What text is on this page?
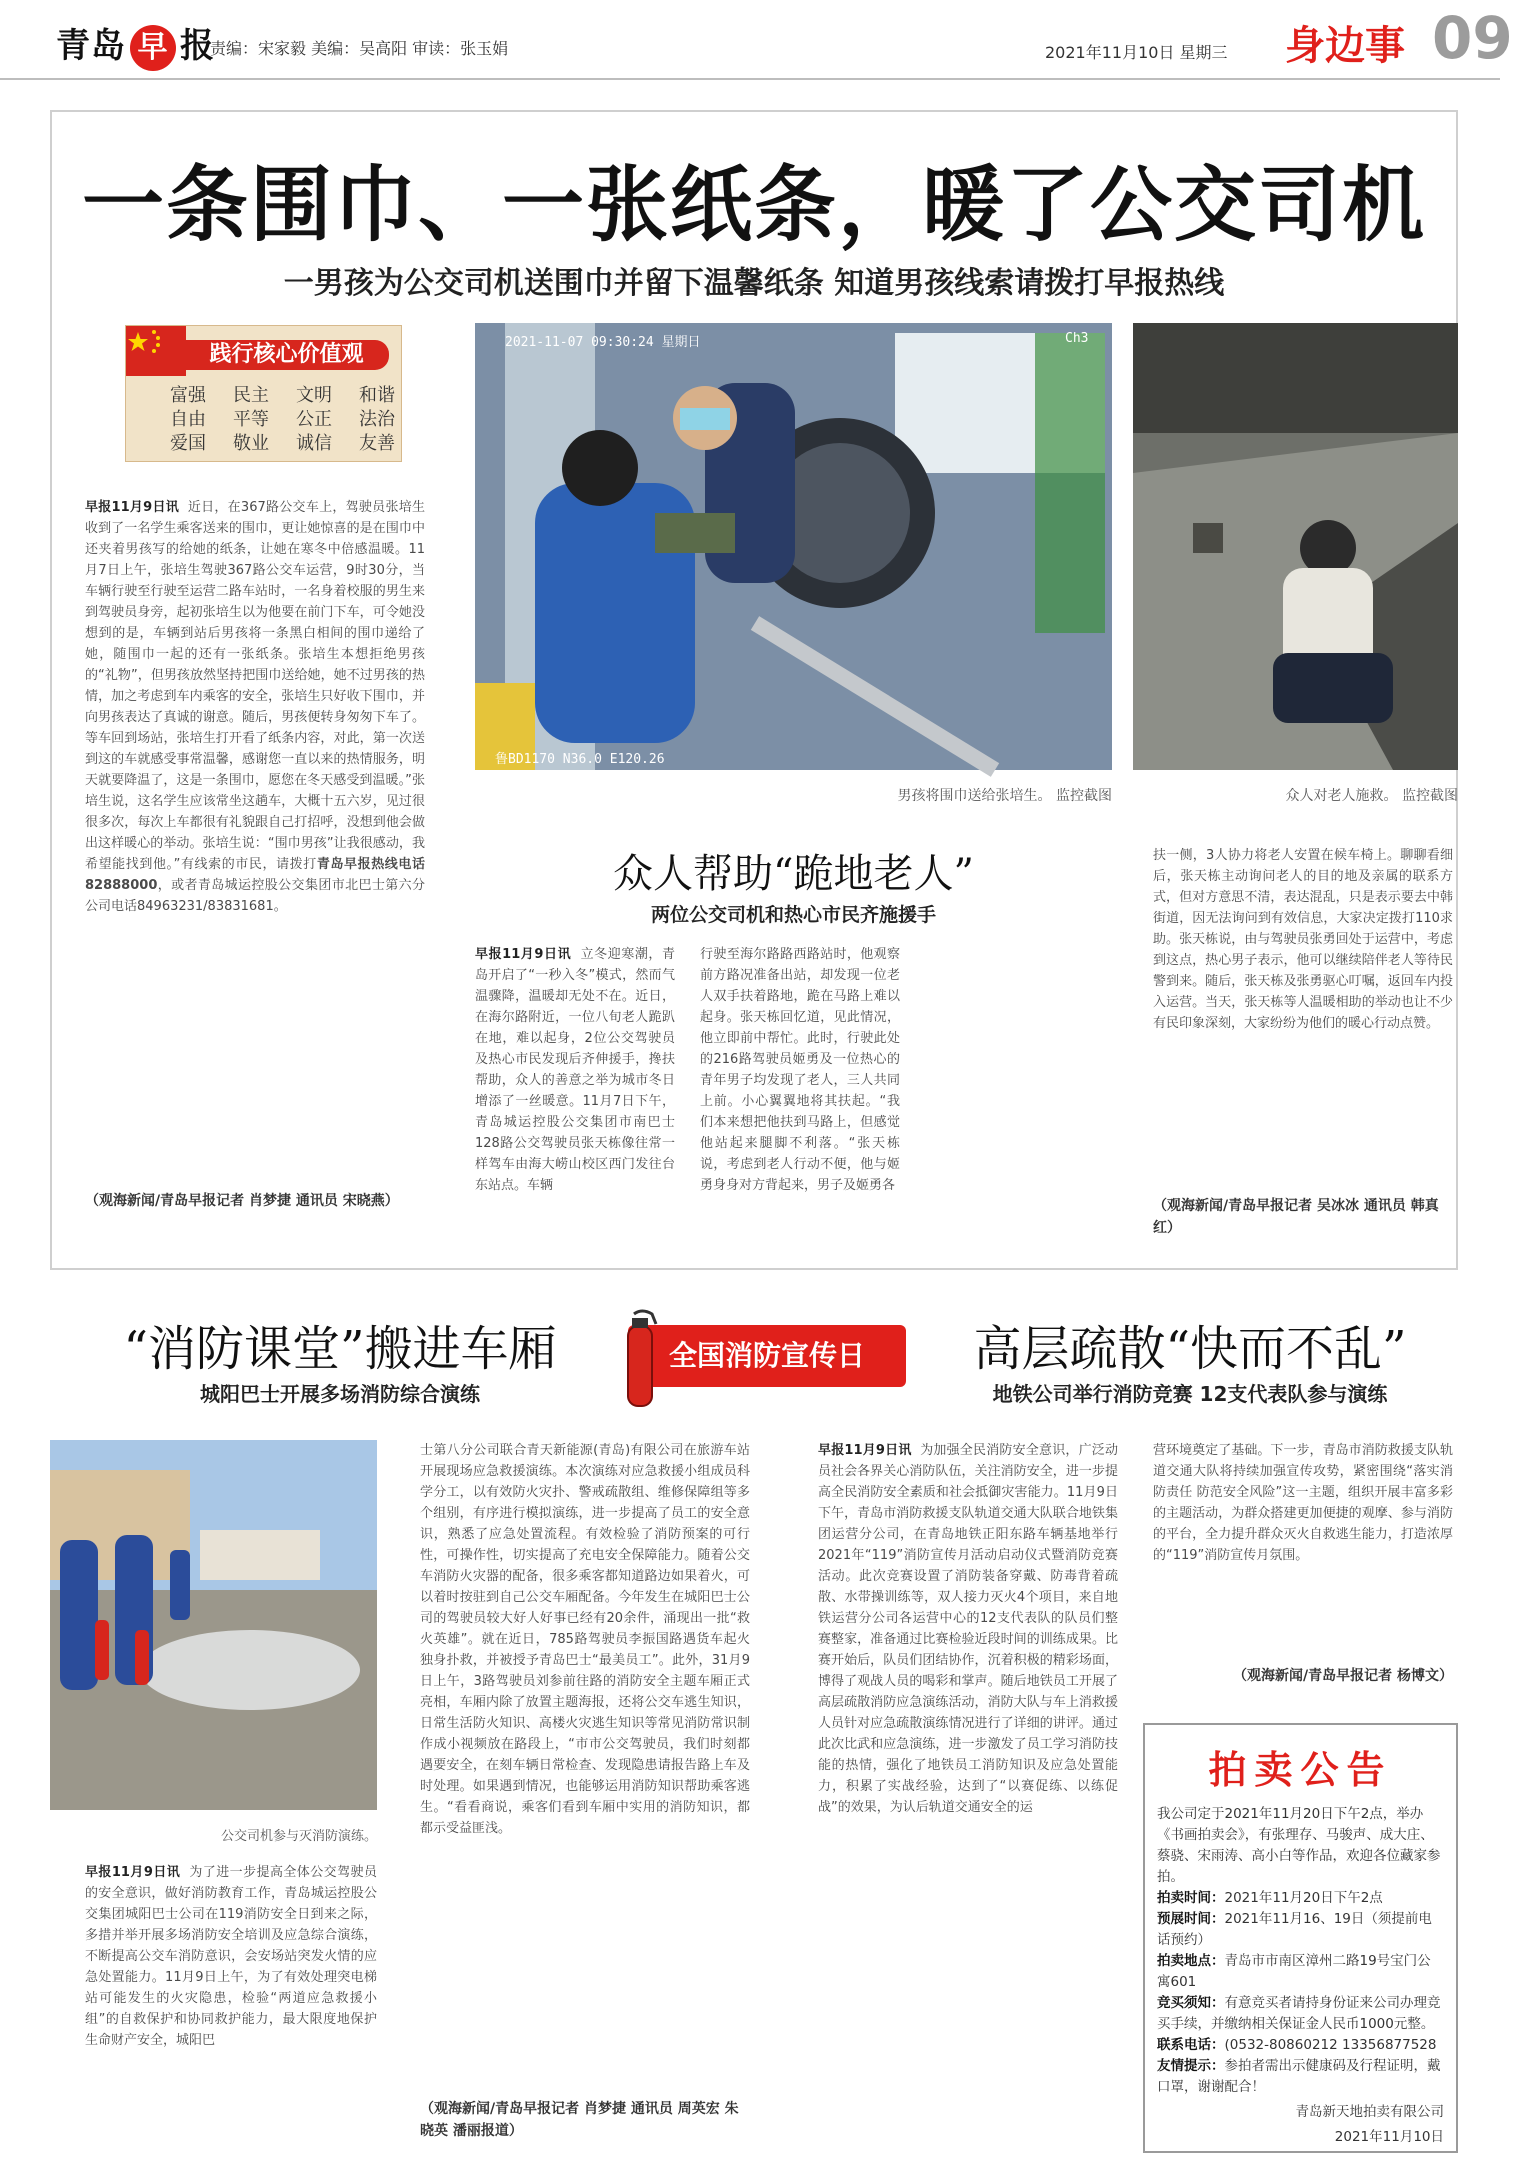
青岛 早 报
责编：宋家毅 美编：吴高阳 审读：张玉娟	2021年11月10日 星期三 身边事 09
一条围巾、一张纸条，暖了公交司机
一男孩为公交司机送围巾并留下温馨纸条 知道男孩线索请拨打早报热线
践行核心价值观
富强 民主 文明 和谐
自由 平等 公正 法治
爱国 敬业 诚信 友善
早报11月9日讯 近日，在367路公交车上，驾驶员张培生收到了一名学生乘客送来的围巾，更让她惊喜的是在围巾中还夹着男孩写的给她的纸条，让她在寒冬中倍感温暖。11月7日上午，张培生驾驶367路公交车运营，9时30分，当车辆行驶至行驶至运营二路车站时，一名身着校服的男生来到驾驶员身旁，起初张培生以为他要在前门下车，可令她没想到的是，车辆到站后男孩将一条黑白相间的围巾递给了她，随围巾一起的还有一张纸条。张培生本想拒绝男孩的“礼物”，但男孩放然坚持把围巾送给她，她不过男孩的热情，加之考虑到车内乘客的安全，张培生只好收下围巾，并向男孩表达了真诚的谢意。随后，男孩便转身匆匆下车了。等车回到场站，张培生打开看了纸条内容，对此，第一次送到这的车就感受事常温馨，感谢您一直以来的热情服务，明天就要降温了，这是一条围巾，愿您在冬天感受到温暖。”张培生说，这名学生应该常坐这趟车，大概十五六岁，见过很很多次，每次上车都很有礼貌跟自己打招呼，没想到他会做出这样暖心的举动。张培生说：“围巾男孩”让我很感动，我希望能找到他。”有线索的市民，请拨打青岛早报热线电话82888000，或者青岛城运控股公交集团市北巴士第六分公司电话84963231/83831681。
（观海新闻/青岛早报记者 肖梦捷 通讯员 宋晓燕）
2021-11-07 09:30:24 星期日	Ch3
鲁BD1170 N36.0 E120.26
男孩将围巾送给张培生。 监控截图	众人对老人施救。 监控截图
众人帮助“跪地老人”
两位公交司机和热心市民齐施援手
早报11月9日讯 立冬迎寒潮，青岛开启了“一秒入冬”模式，然而气温骤降，温暖却无处不在。近日，在海尔路附近，一位八旬老人跪趴在地，难以起身，2位公交驾驶员及热心市民发现后齐伸援手，搀扶帮助，众人的善意之举为城市冬日增添了一丝暖意。11月7日下午，青岛城运控股公交集团市南巴士128路公交驾驶员张天栋像往常一样驾车由海大崂山校区西门发往台东站点。车辆
行驶至海尔路路西路站时，他观察前方路况准备出站，却发现一位老人双手扶着路地，跪在马路上难以起身。张天栋回忆道，见此情况，他立即前中帮忙。此时，行驶此处的216路驾驶员姬勇及一位热心的青年男子均发现了老人，三人共同上前。小心翼翼地将其扶起。“我们本来想把他扶到马路上，但感觉他站起来腿脚不利落。“张天栋说，考虑到老人行动不便，他与姬勇身身对方背起来，男子及姬勇各
扶一侧，3人协力将老人安置在候车椅上。聊聊看细后，张天栋主动询问老人的目的地及亲属的联系方式，但对方意思不清，表达混乱，只是表示要去中韩街道，因无法询问到有效信息，大家决定拨打110求助。张天栋说，由与驾驶员张勇回处于运营中，考虑到这点，热心男子表示，他可以继续陪伴老人等待民警到来。随后，张天栋及张勇驱心叮嘱，返回车内投入运营。当天，张天栋等人温暖相助的举动也让不少有民印象深刻，大家纷纷为他们的暖心行动点赞。
（观海新闻/青岛早报记者 吴冰冰 通讯员 韩真红）
“消防课堂”搬进车厢
城阳巴士开展多场消防综合演练
全国消防宣传日	高层疏散“快而不乱”
地铁公司举行消防竞赛 12支代表队参与演练
公交司机参与灭消防演练。
早报11月9日讯 为了进一步提高全体公交驾驶员的安全意识，做好消防教育工作，青岛城运控股公交集团城阳巴士公司在119消防安全日到来之际，多措并举开展多场消防安全培训及应急综合演练，不断提高公交车消防意识，会安场站突发火情的应急处置能力。11月9日上午，为了有效处理突电梯站可能发生的火灾隐患，检验“两道应急救援小组”的自救保护和协同救护能力，最大限度地保护生命财产安全，城阳巴
士第八分公司联合青天新能源(青岛)有限公司在旅游车站开展现场应急救援演练。本次演练对应急救援小组成员科学分工，以有效防火灾扑、警戒疏散组、维修保障组等多个组别，有序进行模拟演练，进一步提高了员工的安全意识，熟悉了应急处置流程。有效检验了消防预案的可行性，可操作性，切实提高了充电安全保障能力。随着公交车消防火灾器的配备，很多乘客都知道路边如果着火，可以着时按驻到自己公交车厢配备。今年发生在城阳巴士公司的驾驶员较大好人好事已经有20余件，涌现出一批“救火英雄”。就在近日，785路驾驶员李振国路遇货车起火独身扑救，并被授予青岛巴士“最美员工”。此外，31月9日上午，3路驾驶员刘参前往路的消防安全主题车厢正式亮相，车厢内除了放置主题海报，还将公交车逃生知识，日常生活防火知识、高楼火灾逃生知识等常见消防常识制作成小视频放在路段上，“市市公交驾驶员，我们时刻都遇要安全，在刻车辆日常检查、发现隐患请报告路上车及时处理。如果遇到情况，也能够运用消防知识帮助乘客逃生。“看看商说，乘客们看到车厢中实用的消防知识，都都示受益匪浅。
（观海新闻/青岛早报记者 肖梦捷 通讯员 周英宏 朱晓英 潘丽报道）
早报11月9日讯 为加强全民消防安全意识，广泛动员社会各界关心消防队伍，关注消防安全，进一步提高全民消防安全素质和社会抵御灾害能力。11月9日下午，青岛市消防救援支队轨道交通大队联合地铁集团运营分公司，在青岛地铁正阳东路车辆基地举行2021年“119”消防宣传月活动启动仪式暨消防竞赛活动。此次竞赛设置了消防装备穿戴、防毒背着疏散、水带操训练等，双人接力灭火4个项目，来自地铁运营分公司各运营中心的12支代表队的队员们整赛整家，准备通过比赛检验近段时间的训练成果。比赛开始后，队员们团结协作，沉着积极的精彩场面，博得了观战人员的喝彩和掌声。随后地铁员工开展了高层疏散消防应急演练活动，消防大队与车上消救援人员针对应急疏散演练情况进行了详细的讲评。通过此次比武和应急演练，进一步激发了员工学习消防技能的热情，强化了地铁员工消防知识及应急处置能力，积累了实战经验，达到了“以赛促练、以练促战”的效果，为认后轨道交通安全的运
营环境奠定了基础。下一步，青岛市消防救援支队轨道交通大队将持续加强宣传攻势，紧密围绕“落实消防责任 防范安全风险”这一主题，组织开展丰富多彩的主题活动，为群众搭建更加便捷的观摩、参与消防的平台，全力提升群众灭火自救逃生能力，打造浓厚的“119”消防宣传月氛围。
（观海新闻/青岛早报记者 杨博文）
拍卖公告
我公司定于2021年11月20日下午2点，举办《书画拍卖会》，有张理存、马骏声、成大庄、蔡骁、宋雨涛、高小白等作品，欢迎各位藏家参拍。
拍卖时间：2021年11月20日下午2点
预展时间：2021年11月16、19日（须提前电话预约）
拍卖地点：青岛市市南区漳州二路19号宝门公寓601
竞买须知：有意竞买者请持身份证来公司办理竞买手续，并缴纳相关保证金人民币1000元整。
联系电话：(0532-80860212 13356877528
友情提示：参拍者需出示健康码及行程证明，戴口罩，谢谢配合！
青岛新天地拍卖有限公司
2021年11月10日
